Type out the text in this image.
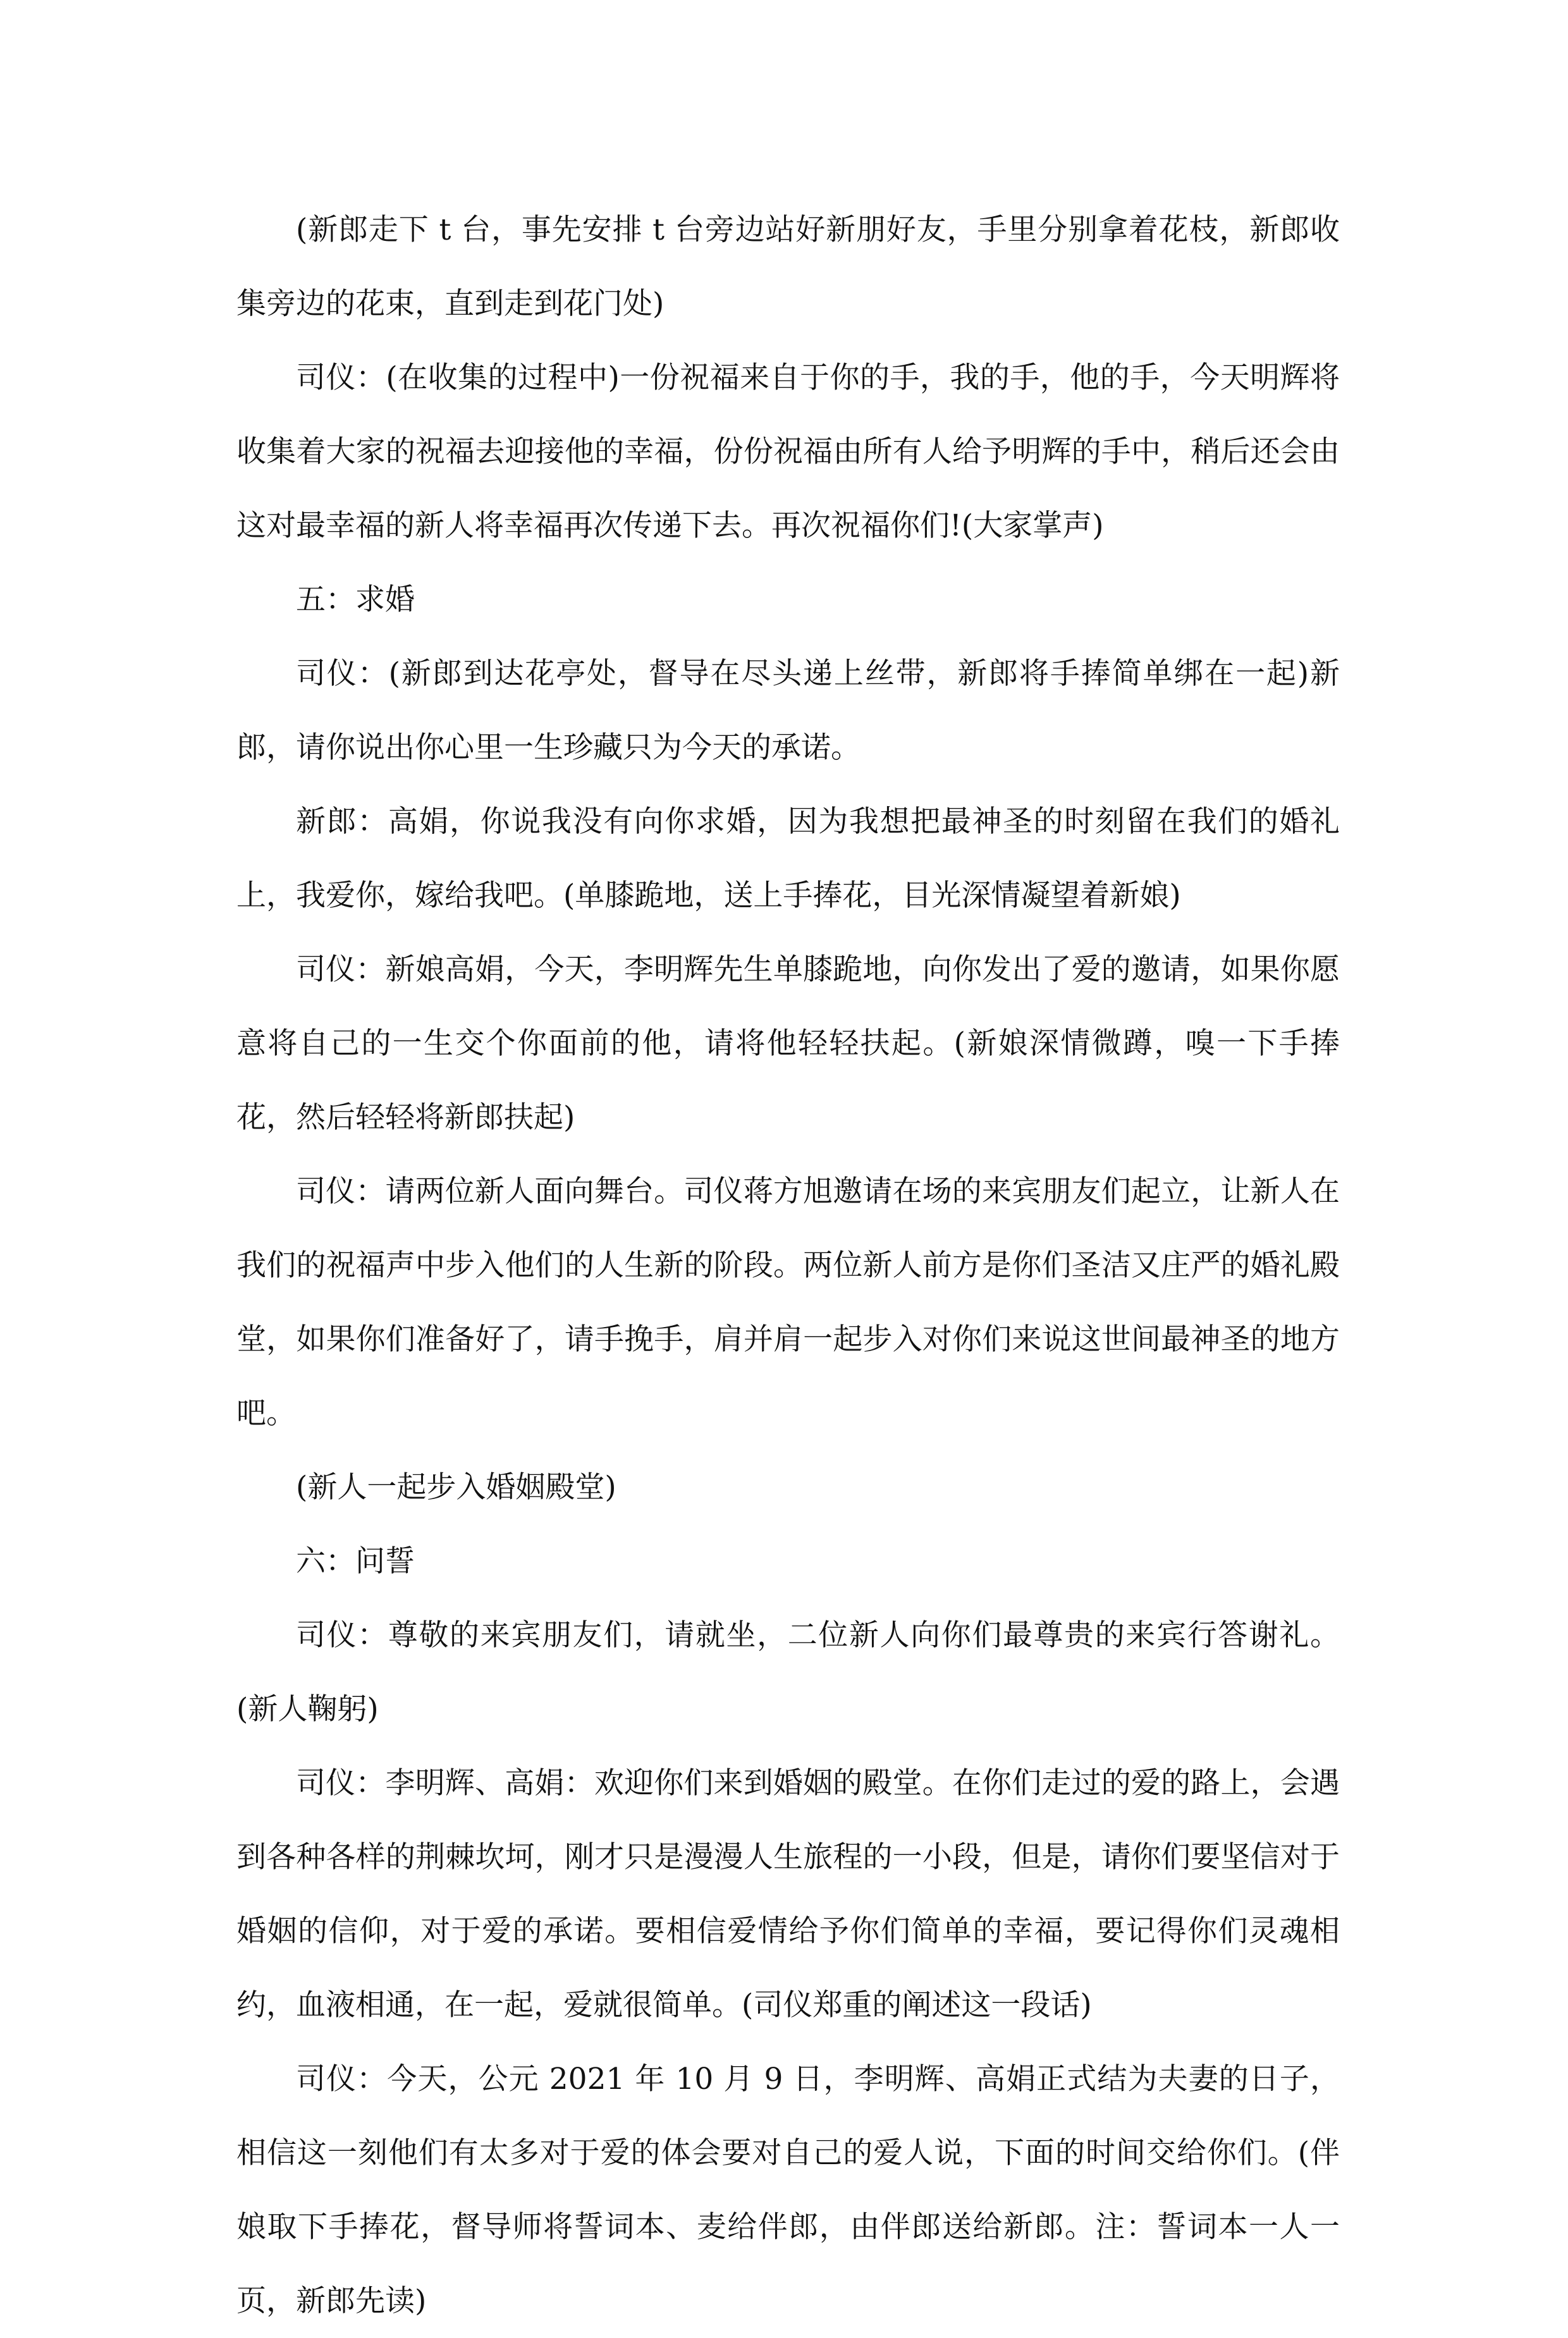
(新郎走下 t 台，事先安排 t 台旁边站好新朋好友，手里分别拿着花枝，新郎收集旁边的花束，直到走到花门处)

司仪：(在收集的过程中)一份祝福来自于你的手，我的手，他的手，今天明辉将收集着大家的祝福去迎接他的幸福，份份祝福由所有人给予明辉的手中，稍后还会由这对最幸福的新人将幸福再次传递下去。再次祝福你们!(大家掌声)

五：求婚

司仪：(新郎到达花亭处，督导在尽头递上丝带，新郎将手捧简单绑在一起)新郎，请你说出你心里一生珍藏只为今天的承诺。

新郎：高娟，你说我没有向你求婚，因为我想把最神圣的时刻留在我们的婚礼上，我爱你，嫁给我吧。(单膝跪地，送上手捧花，目光深情凝望着新娘)

司仪：新娘高娟，今天，李明辉先生单膝跪地，向你发出了爱的邀请，如果你愿意将自己的一生交个你面前的他，请将他轻轻扶起。(新娘深情微蹲，嗅一下手捧花，然后轻轻将新郎扶起)

司仪：请两位新人面向舞台。司仪蒋方旭邀请在场的来宾朋友们起立，让新人在我们的祝福声中步入他们的人生新的阶段。两位新人前方是你们圣洁又庄严的婚礼殿堂，如果你们准备好了，请手挽手，肩并肩一起步入对你们来说这世间最神圣的地方吧。

(新人一起步入婚姻殿堂)

六：问誓

司仪：尊敬的来宾朋友们，请就坐，二位新人向你们最尊贵的来宾行答谢礼。(新人鞠躬)

司仪：李明辉、高娟：欢迎你们来到婚姻的殿堂。在你们走过的爱的路上，会遇到各种各样的荆棘坎坷，刚才只是漫漫人生旅程的一小段，但是，请你们要坚信对于婚姻的信仰，对于爱的承诺。要相信爱情给予你们简单的幸福，要记得你们灵魂相约，血液相通，在一起，爱就很简单。(司仪郑重的阐述这一段话)

司仪：今天，公元 2021 年 10 月 9 日，李明辉、高娟正式结为夫妻的日子，相信这一刻他们有太多对于爱的体会要对自己的爱人说，下面的时间交给你们。(伴娘取下手捧花，督导师将誓词本、麦给伴郎，由伴郎送给新郎。注：誓词本一人一页，新郎先读)
